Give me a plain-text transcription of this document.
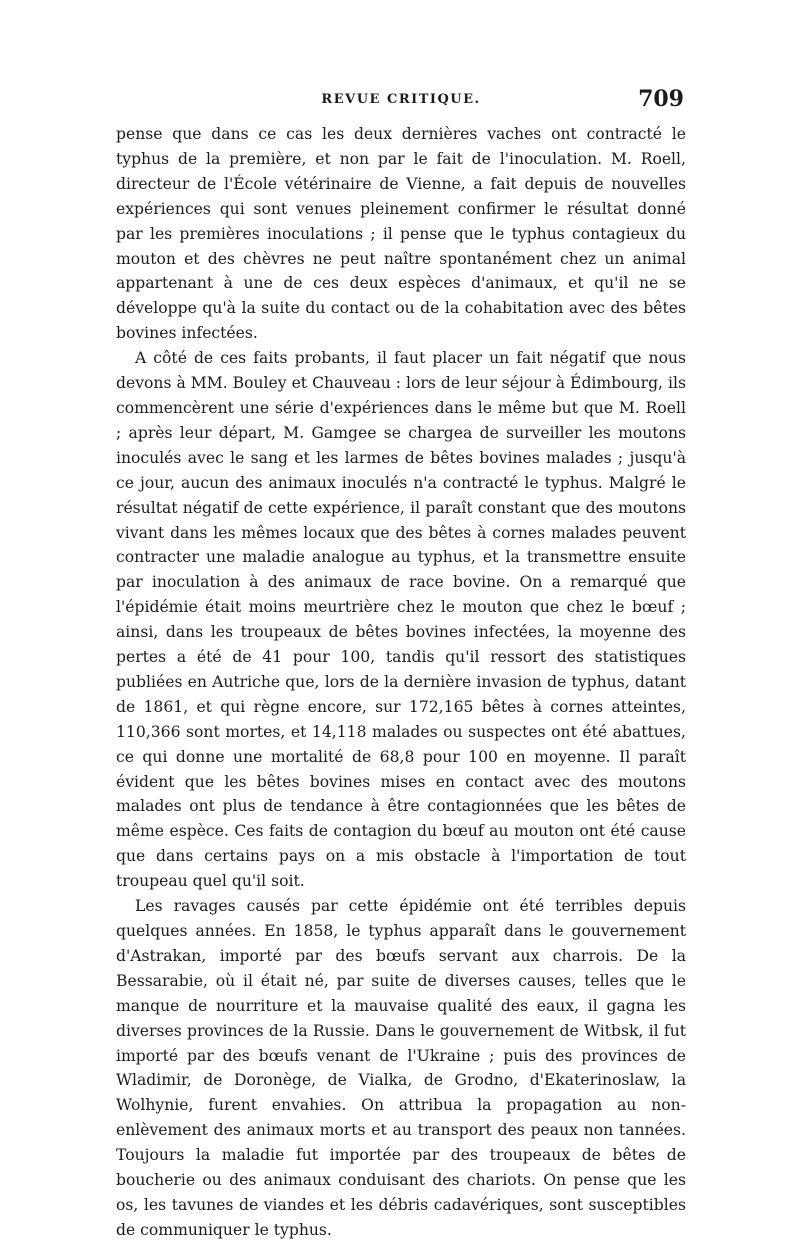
REVUE CRITIQUE.	709

pense que dans ce cas les deux dernières vaches ont contracté le typhus de la première, et non par le fait de l'inoculation. M. Roell, directeur de l'École vétérinaire de Vienne, a fait depuis de nouvelles expériences qui sont venues pleinement confirmer le résultat donné par les premières inoculations ; il pense que le typhus contagieux du mouton et des chèvres ne peut naître spontanément chez un animal appartenant à une de ces deux espèces d'animaux, et qu'il ne se développe qu'à la suite du contact ou de la cohabitation avec des bêtes bovines infectées.

A côté de ces faits probants, il faut placer un fait négatif que nous devons à MM. Bouley et Chauveau : lors de leur séjour à Édimbourg, ils commencèrent une série d'expériences dans le même but que M. Roell ; après leur départ, M. Gamgee se chargea de surveiller les moutons inoculés avec le sang et les larmes de bêtes bovines malades ; jusqu'à ce jour, aucun des animaux inoculés n'a contracté le typhus. Malgré le résultat négatif de cette expérience, il paraît constant que des moutons vivant dans les mêmes locaux que des bêtes à cornes malades peuvent contracter une maladie analogue au typhus, et la transmettre ensuite par inoculation à des animaux de race bovine. On a remarqué que l'épidémie était moins meurtrière chez le mouton que chez le bœuf ; ainsi, dans les troupeaux de bêtes bovines infectées, la moyenne des pertes a été de 41 pour 100, tandis qu'il ressort des statistiques publiées en Autriche que, lors de la dernière invasion de typhus, datant de 1861, et qui règne encore, sur 172,165 bêtes à cornes atteintes, 110,366 sont mortes, et 14,118 malades ou suspectes ont été abattues, ce qui donne une mortalité de 68,8 pour 100 en moyenne. Il paraît évident que les bêtes bovines mises en contact avec des moutons malades ont plus de tendance à être contagionnées que les bêtes de même espèce. Ces faits de contagion du bœuf au mouton ont été cause que dans certains pays on a mis obstacle à l'importation de tout troupeau quel qu'il soit.

Les ravages causés par cette épidémie ont été terribles depuis quelques années. En 1858, le typhus apparaît dans le gouvernement d'Astrakan, importé par des bœufs servant aux charrois. De la Bessarabie, où il était né, par suite de diverses causes, telles que le manque de nourriture et la mauvaise qualité des eaux, il gagna les diverses provinces de la Russie. Dans le gouvernement de Witbsk, il fut importé par des bœufs venant de l'Ukraine ; puis des provinces de Wladimir, de Doronège, de Vialka, de Grodno, d'Ekaterinoslaw, la Wolhynie, furent envahies. On attribua la propagation au non-enlèvement des animaux morts et au transport des peaux non tannées. Toujours la maladie fut importée par des troupeaux de bêtes de boucherie ou des animaux conduisant des chariots. On pense que les os, les tavunes de viandes et les débris cadavériques, sont susceptibles de communiquer le typhus.
